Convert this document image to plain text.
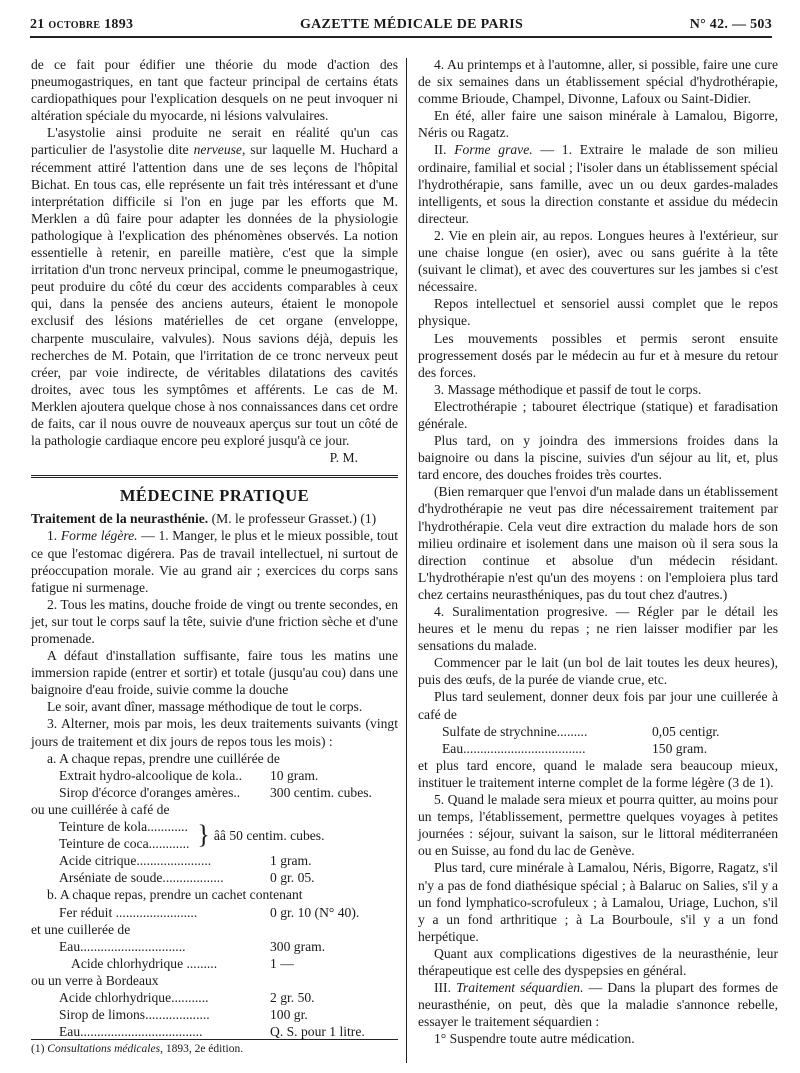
21 octobre 1893	GAZETTE MÉDICALE DE PARIS	N° 42. — 503

de ce fait pour édifier une théorie du mode d'action des pneumogastriques, en tant que facteur principal de certains états cardiopathiques pour l'explication desquels on ne peut invoquer ni altération spéciale du myocarde, ni lésions valvulaires.

L'asystolie ainsi produite ne serait en réalité qu'un cas particulier de l'asystolie dite nerveuse, sur laquelle M. Huchard a récemment attiré l'attention dans une de ses leçons de l'hôpital Bichat. En tous cas, elle représente un fait très intéressant et d'une interprétation difficile si l'on en juge par les efforts que M. Merklen a dû faire pour adapter les données de la physiologie pathologique à l'explication des phénomènes observés. La notion essentielle à retenir, en pareille matière, c'est que la simple irritation d'un tronc nerveux principal, comme le pneumogastrique, peut produire du côté du cœur des accidents comparables à ceux qui, dans la pensée des anciens auteurs, étaient le monopole exclusif des lésions matérielles de cet organe (enveloppe, charpente musculaire, valvules). Nous savions déjà, depuis les recherches de M. Potain, que l'irritation de ce tronc nerveux peut créer, par voie indirecte, de véritables dilatations des cavités droites, avec tous les symptômes et afférents. Le cas de M. Merklen ajoutera quelque chose à nos connaissances dans cet ordre de faits, car il nous ouvre de nouveaux aperçus sur tout un côté de la pathologie cardiaque encore peu exploré jusqu'à ce jour.

P. M.

MÉDECINE PRATIQUE

Traitement de la neurasthénie. (M. le professeur Grasset.) (1)

1. Forme légère. — 1. Manger, le plus et le mieux possible, tout ce que l'estomac digérera. Pas de travail intellectuel, ni surtout de préoccupation morale. Vie au grand air ; exercices du corps sans fatigue ni surmenage.

2. Tous les matins, douche froide de vingt ou trente secondes, en jet, sur tout le corps sauf la tête, suivie d'une friction sèche et d'une promenade.

A défaut d'installation suffisante, faire tous les matins une immersion rapide (entrer et sortir) et totale (jusqu'au cou) dans une baignoire d'eau froide, suivie comme la douche

Le soir, avant dîner, massage méthodique de tout le corps.

3. Alterner, mois par mois, les deux traitements suivants (vingt jours de traitement et dix jours de repos tous les mois) :

a. A chaque repas, prendre une cuillérée de

Extrait hydro-alcoolique de kola.. 10 gram.
Sirop d'écorce d'oranges amères.. 300 centim. cubes.

ou une cuillérée à café de

Teinture de kola............
Teinture de coca............ } ââ 50 centim. cubes.
Acide citrique......................	1 gram.
Arséniate de soude..................	0 gr. 05.

b. A chaque repas, prendre un cachet contenant

Fer réduit ........................	0 gr. 10 (N° 40).

et une cuillerée de

Eau...............................	300 gram.
Acide chlorhydrique .........	1 —

ou un verre à Bordeaux

Acide chlorhydrique...........	2 gr. 50.
Sirop de limons...................	100 gr.
Eau....................................	Q. S. pour 1 litre.
(1) Consultations médicales, 1893, 2e édition.

4. Au printemps et à l'automne, aller, si possible, faire une cure de six semaines dans un établissement spécial d'hydrothérapie, comme Brioude, Champel, Divonne, Lafoux ou Saint-Didier.

En été, aller faire une saison minérale à Lamalou, Bigorre, Néris ou Ragatz.

II. Forme grave. — 1. Extraire le malade de son milieu ordinaire, familial et social ; l'isoler dans un établissement spécial l'hydrothérapie, sans famille, avec un ou deux gardes-malades intelligents, et sous la direction constante et assidue du médecin directeur.

2. Vie en plein air, au repos. Longues heures à l'extérieur, sur une chaise longue (en osier), avec ou sans guérite à la tête (suivant le climat), et avec des couvertures sur les jambes si c'est nécessaire.

Repos intellectuel et sensoriel aussi complet que le repos physique.

Les mouvements possibles et permis seront ensuite progressement dosés par le médecin au fur et à mesure du retour des forces.

3. Massage méthodique et passif de tout le corps.

Electrothérapie ; tabouret électrique (statique) et faradisation générale.

Plus tard, on y joindra des immersions froides dans la baignoire ou dans la piscine, suivies d'un séjour au lit, et, plus tard encore, des douches froides très courtes.

(Bien remarquer que l'envoi d'un malade dans un établissement d'hydrothérapie ne veut pas dire nécessairement traitement par l'hydrothérapie. Cela veut dire extraction du malade hors de son milieu ordinaire et isolement dans une maison où il sera sous la direction continue et absolue d'un médecin résidant. L'hydrothérapie n'est qu'un des moyens : on l'emploiera plus tard chez certains neurasthéniques, pas du tout chez d'autres.)

4. Suralimentation progresive. — Régler par le détail les heures et le menu du repas ; ne rien laisser modifier par les sensations du malade.

Commencer par le lait (un bol de lait toutes les deux heures), puis des œufs, de la purée de viande crue, etc.

Plus tard seulement, donner deux fois par jour une cuillerée à café de

Sulfate de strychnine.........	0,05 centigr.
Eau....................................	150 gram.

et plus tard encore, quand le malade sera beaucoup mieux, instituer le traitement interne complet de la forme légère (3 de 1).

5. Quand le malade sera mieux et pourra quitter, au moins pour un temps, l'établissement, permettre quelques voyages à petites journées : séjour, suivant la saison, sur le littoral méditerranéen ou en Suisse, au fond du lac de Genève.

Plus tard, cure minérale à Lamalou, Néris, Bigorre, Ragatz, s'il n'y a pas de fond diathésique spécial ; à Balaruc on Salies, s'il y a un fond lymphatico-scrofuleux ; à Lamalou, Uriage, Luchon, s'il y a un fond arthritique ; à La Bourboule, s'il y a un fond herpétique.

Quant aux complications digestives de la neurasthénie, leur thérapeutique est celle des dyspepsies en général.

III. Traitement séquardien. — Dans la plupart des formes de neurasthénie, on peut, dès que la maladie s'annonce rebelle, essayer le traitement séquardien :

1° Suspendre toute autre médication.
